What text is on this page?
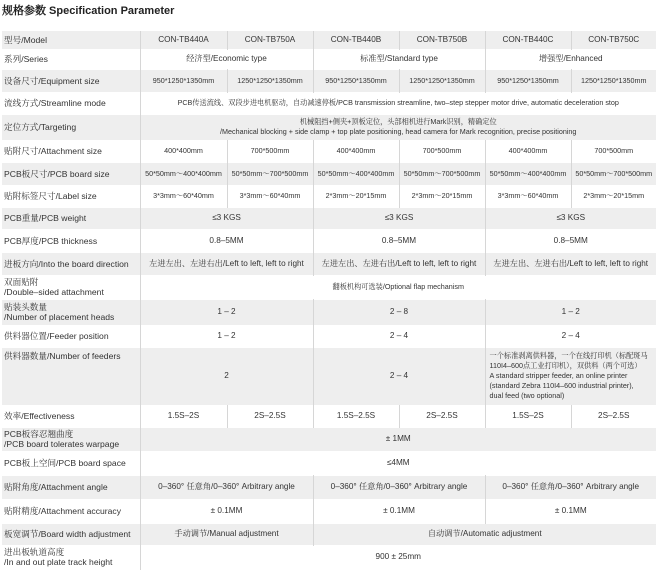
规格参数 Specification Parameter
型号/Model	CON-TB440A	CON-TB750A	CON-TB440B	CON-TB750B	CON-TB440C	CON-TB750C
系列/Series	经济型/Economic type		标准型/Standard type		增强型/Enhanced	
设备尺寸/Equipment size	950*1250*1350mm	1250*1250*1350mm	950*1250*1350mm	1250*1250*1350mm	950*1250*1350mm	1250*1250*1350mm
流线方式/Streamline mode	PCB传送流线、双段步进电机驱动，自动减速停板/PCB transmission streamline, two–step stepper motor drive, automatic deceleration stop					
定位方式/Targeting	机械阻挡+侧夹+顶板定位，头部相机进行Mark识别，精确定位
/Mechanical blocking + side clamp + top plate positioning, head camera for Mark recognition, precise positioning					

贴附尺寸/Attachment size	400*400mm	700*500mm	400*400mm	700*500mm	400*400mm	700*500mm
PCB板尺寸/PCB board size	50*50mm～400*400mm	50*50mm～700*500mm	50*50mm～400*400mm	50*50mm～700*500mm	50*50mm～400*400mm	50*50mm～700*500mm
贴附标签尺寸/Label size	3*3mm～60*40mm	3*3mm～60*40mm	2*3mm～20*15mm	2*3mm～20*15mm	3*3mm～60*40mm	2*3mm～20*15mm
PCB重量/PCB weight	≤3 KGS		≤3 KGS		≤3 KGS	
PCB厚度/PCB thickness	0.8–5MM		0.8–5MM		0.8–5MM	
进板方向/Into the board direction	左进左出、左进右出/Left to left, left to right		左进左出、左进右出/Left to left, left to right		左进左出、左进右出/Left to left, left to right	

双面贴附
/Double–sided attachment	翻板机构可选装/Optional flap mechanism					

贴装头数量
/Number of placement heads	1 – 2		2 – 8		1 – 2	
供料器位置/Feeder position	1 – 2		2 – 4		2 – 4	
供料器数量/Number of feeders	2		2 – 4		一个标准剥离供料器，一个在线打印机（标配斑马
110I4–600点工业打印机），双供料（两个可选）
A standard stripper feeder, an online printer
(standard Zebra 110I4–600 industrial printer),
dual feed (two optional)	

效率/Effectiveness	1.5S–2S	2S–2.5S	1.5S–2.5S	2S–2.5S	1.5S–2S	2S–2.5S

PCB板容忍翘曲度
/PCB board tolerates warpage	± 1MM					
PCB板上空间/PCB board space	≤4MM					
贴附角度/Attachment angle	0–360° 任意角/0–360° Arbitrary angle		0–360° 任意角/0–360° Arbitrary angle		0–360° 任意角/0–360° Arbitrary angle	
贴附精度/Attachment accuracy	± 0.1MM		± 0.1MM		± 0.1MM	
板宽调节/Board width adjustment	手动调节/Manual adjustment		自动调节/Automatic adjustment			

进出板轨道高度
/In and out plate track height	900 ± 25mm					
